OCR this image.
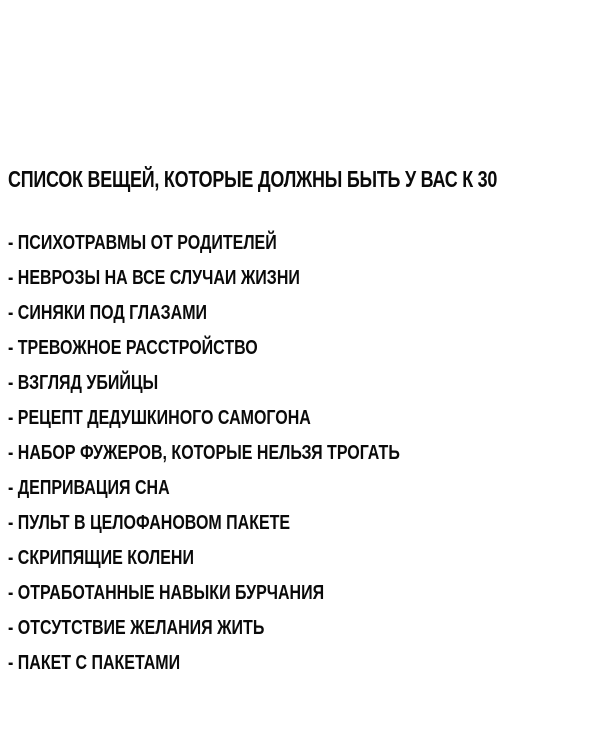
СПИСОК ВЕЩЕЙ, КОТОРЫЕ ДОЛЖНЫ БЫТЬ У ВАС К 30
- ПСИХОТРАВМЫ ОТ РОДИТЕЛЕЙ
- НЕВРОЗЫ НА ВСЕ СЛУЧАИ ЖИЗНИ
- СИНЯКИ ПОД ГЛАЗАМИ
- ТРЕВОЖНОЕ РАССТРОЙСТВО
- ВЗГЛЯД УБИЙЦЫ
- РЕЦЕПТ ДЕДУШКИНОГО САМОГОНА
- НАБОР ФУЖЕРОВ, КОТОРЫЕ НЕЛЬЗЯ ТРОГАТЬ
- ДЕПРИВАЦИЯ СНА
- ПУЛЬТ В ЦЕЛОФАНОВОМ ПАКЕТЕ
- СКРИПЯЩИЕ КОЛЕНИ
- ОТРАБОТАННЫЕ НАВЫКИ БУРЧАНИЯ
- ОТСУТСТВИЕ ЖЕЛАНИЯ ЖИТЬ
- ПАКЕТ С ПАКЕТАМИ
